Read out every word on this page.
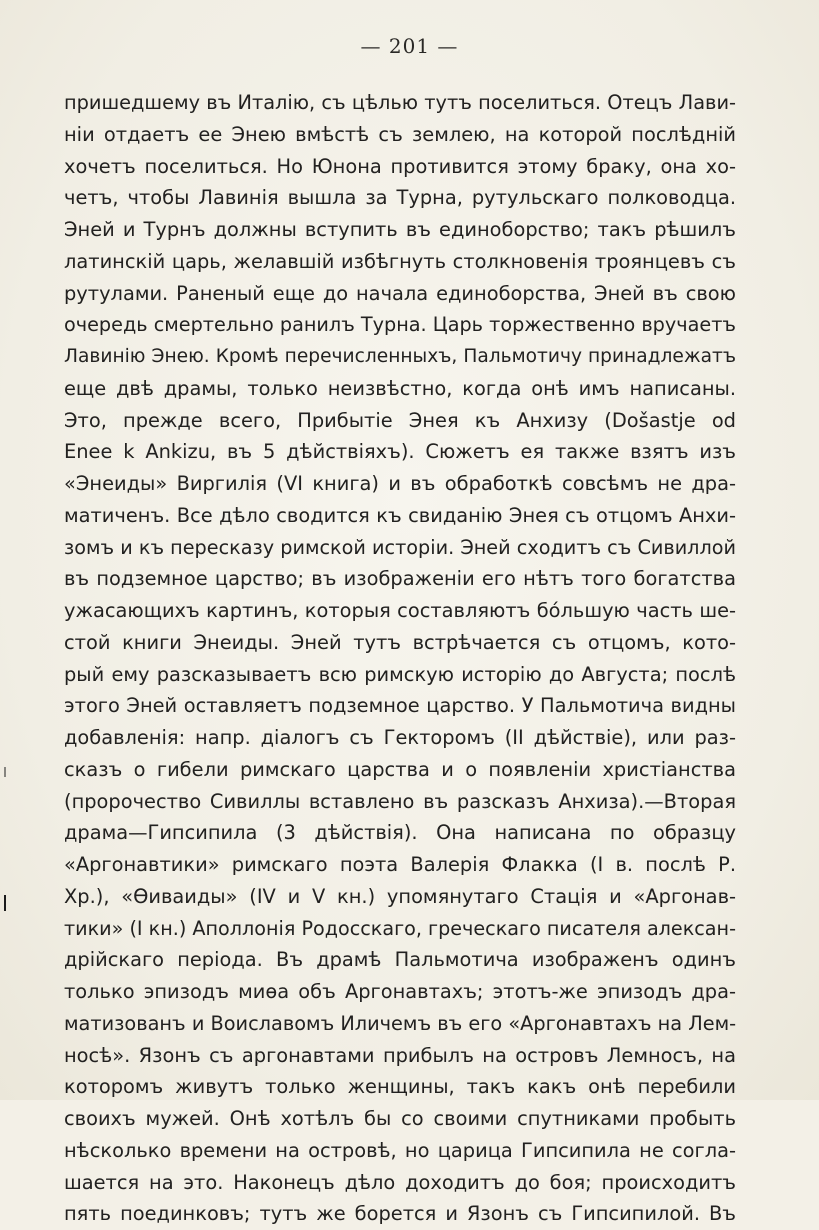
— 201 —
пришедшему въ Италію, съ цѣлью тутъ поселиться. Отецъ Лави-
ніи отдаетъ ее Энею вмѣстѣ съ землею, на которой послѣдній
хочетъ поселиться. Но Юнона противится этому браку, она хо-
четъ, чтобы Лавинія вышла за Турна, рутульскаго полководца.
Эней и Турнъ должны вступить въ единоборство; такъ рѣшилъ
латинскій царь, желавшій избѣгнуть столкновенія троянцевъ съ
рутулами. Раненый еще до начала единоборства, Эней въ свою
очередь смертельно ранилъ Турна. Царь торжественно вручаетъ
Лавинію Энею. Кромѣ перечисленныхъ, Пальмотичу принадлежатъ
еще двѣ драмы, только неизвѣстно, когда онѣ имъ написаны.
Это, прежде всего, Прибытіе Энея къ Анхизу (Došastje od
Enee k Ankizu, въ 5 дѣйствіяхъ). Сюжетъ ея также взятъ изъ
«Энеиды» Виргилія (VI книга) и въ обработкѣ совсѣмъ не дра-
матиченъ. Все дѣло сводится къ свиданію Энея съ отцомъ Анхи-
зомъ и къ пересказу римской исторіи. Эней сходитъ съ Сивиллой
въ подземное царство; въ изображеніи его нѣтъ того богатства
ужасающихъ картинъ, которыя составляютъ бо́льшую часть ше-
стой книги Энеиды. Эней тутъ встрѣчается съ отцомъ, кото-
рый ему разсказываетъ всю римскую исторію до Августа; послѣ
этого Эней оставляетъ подземное царство. У Пальмотича видны
добавленія: напр. діалогъ съ Гекторомъ (II дѣйствіе), или раз-
сказъ о гибели римскаго царства и о появленіи христіанства
(пророчество Сивиллы вставлено въ разсказъ Анхиза).—Вторая
драма—Гипсипила (3 дѣйствія). Она написана по образцу
«Аргонавтики» римскаго поэта Валерія Флакка (I в. послѣ Р.
Хр.), «Ѳиваиды» (IV и V кн.) упомянутаго Стація и «Аргонав-
тики» (I кн.) Аполлонія Родосскаго, греческаго писателя алексан-
дрійскаго періода. Въ драмѣ Пальмотича изображенъ одинъ
только эпизодъ миѳа объ Аргонавтахъ; этотъ-же эпизодъ дра-
матизованъ и Воиславомъ Иличемъ въ его «Аргонавтахъ на Лем-
носѣ». Язонъ съ аргонавтами прибылъ на островъ Лемносъ, на
которомъ живутъ только женщины, такъ какъ онѣ перебили
своихъ мужей. Онѣ хотѣлъ бы со своими спутниками пробыть
нѣсколько времени на островѣ, но царица Гипсипила не согла-
шается на это. Наконецъ дѣло доходитъ до боя; происходитъ
пять поединковъ; тутъ же борется и Язонъ съ Гипсипилой. Въ
